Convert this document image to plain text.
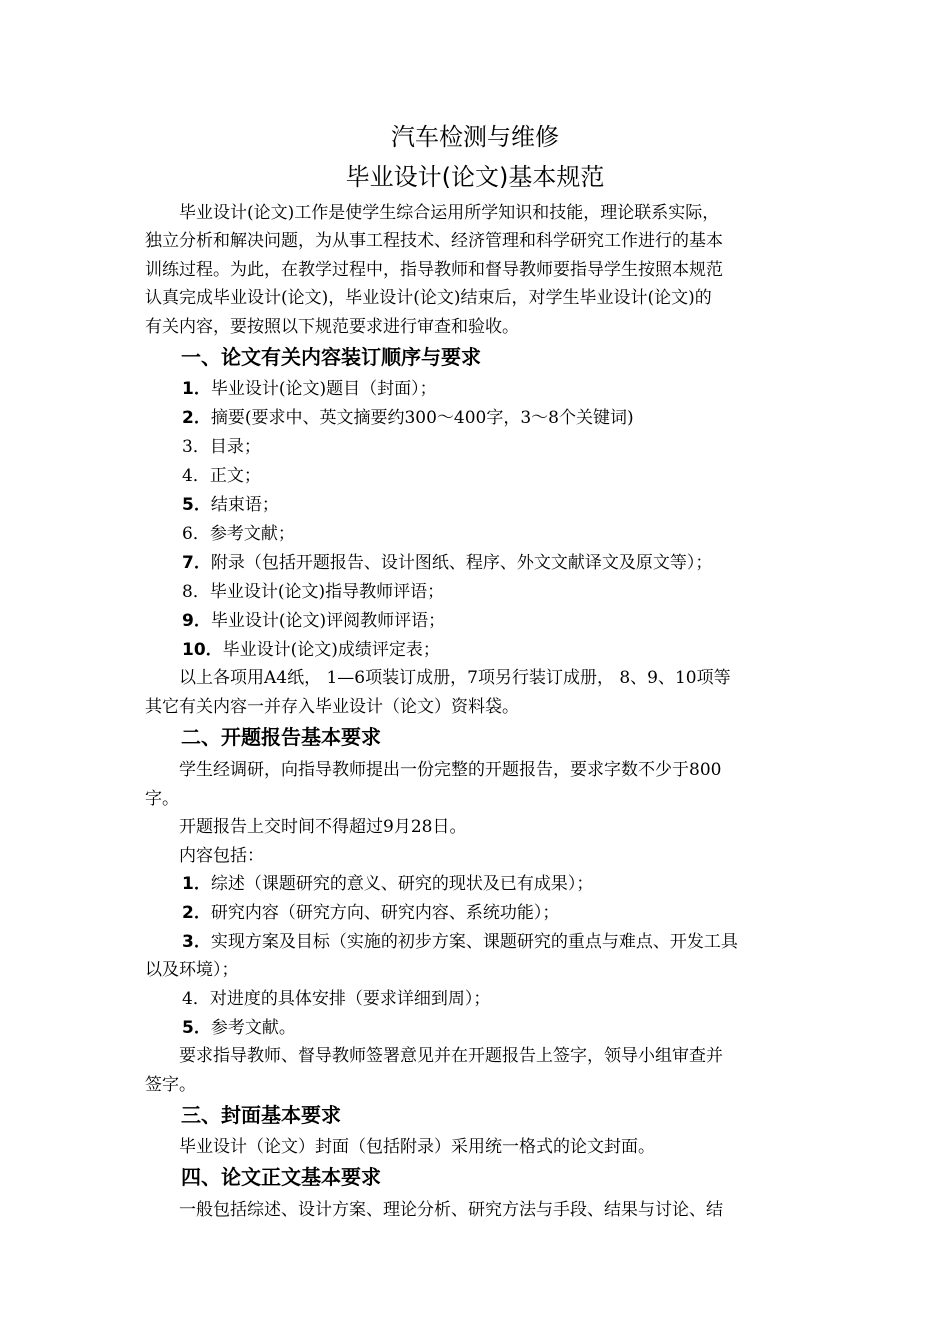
汽车检测与维修
毕业设计(论文)基本规范
　　毕业设计(论文)工作是使学生综合运用所学知识和技能，理论联系实际，
独立分析和解决问题，为从事工程技术、经济管理和科学研究工作进行的基本
训练过程。为此，在教学过程中，指导教师和督导教师要指导学生按照本规范
认真完成毕业设计(论文)，毕业设计(论文)结束后，对学生毕业设计(论文)的
有关内容，要按照以下规范要求进行审查和验收。
一、论文有关内容装订顺序与要求
1．毕业设计(论文)题目（封面）；
2．摘要(要求中、英文摘要约300～400字，3～8个关键词)
3．目录；
4．正文；
5．结束语；
6．参考文献；
7．附录（包括开题报告、设计图纸、程序、外文文献译文及原文等）；
8．毕业设计(论文)指导教师评语；
9．毕业设计(论文)评阅教师评语；
10．毕业设计(论文)成绩评定表；
　　以上各项用A4纸， 1—6项装订成册，7项另行装订成册， 8、9、10项等
其它有关内容一并存入毕业设计（论文）资料袋。
二、开题报告基本要求
　　学生经调研，向指导教师提出一份完整的开题报告，要求字数不少于800
字。
　　开题报告上交时间不得超过9月28日。
　　内容包括：
1．综述（课题研究的意义、研究的现状及已有成果）；
2．研究内容（研究方向、研究内容、系统功能）；
3．实现方案及目标（实施的初步方案、课题研究的重点与难点、开发工具
以及环境）；
4．对进度的具体安排（要求详细到周）；
5．参考文献。
　　要求指导教师、督导教师签署意见并在开题报告上签字，领导小组审查并
签字。
三、封面基本要求
　　毕业设计（论文）封面（包括附录）采用统一格式的论文封面。
四、论文正文基本要求
　　一般包括综述、设计方案、理论分析、研究方法与手段、结果与讨论、结
